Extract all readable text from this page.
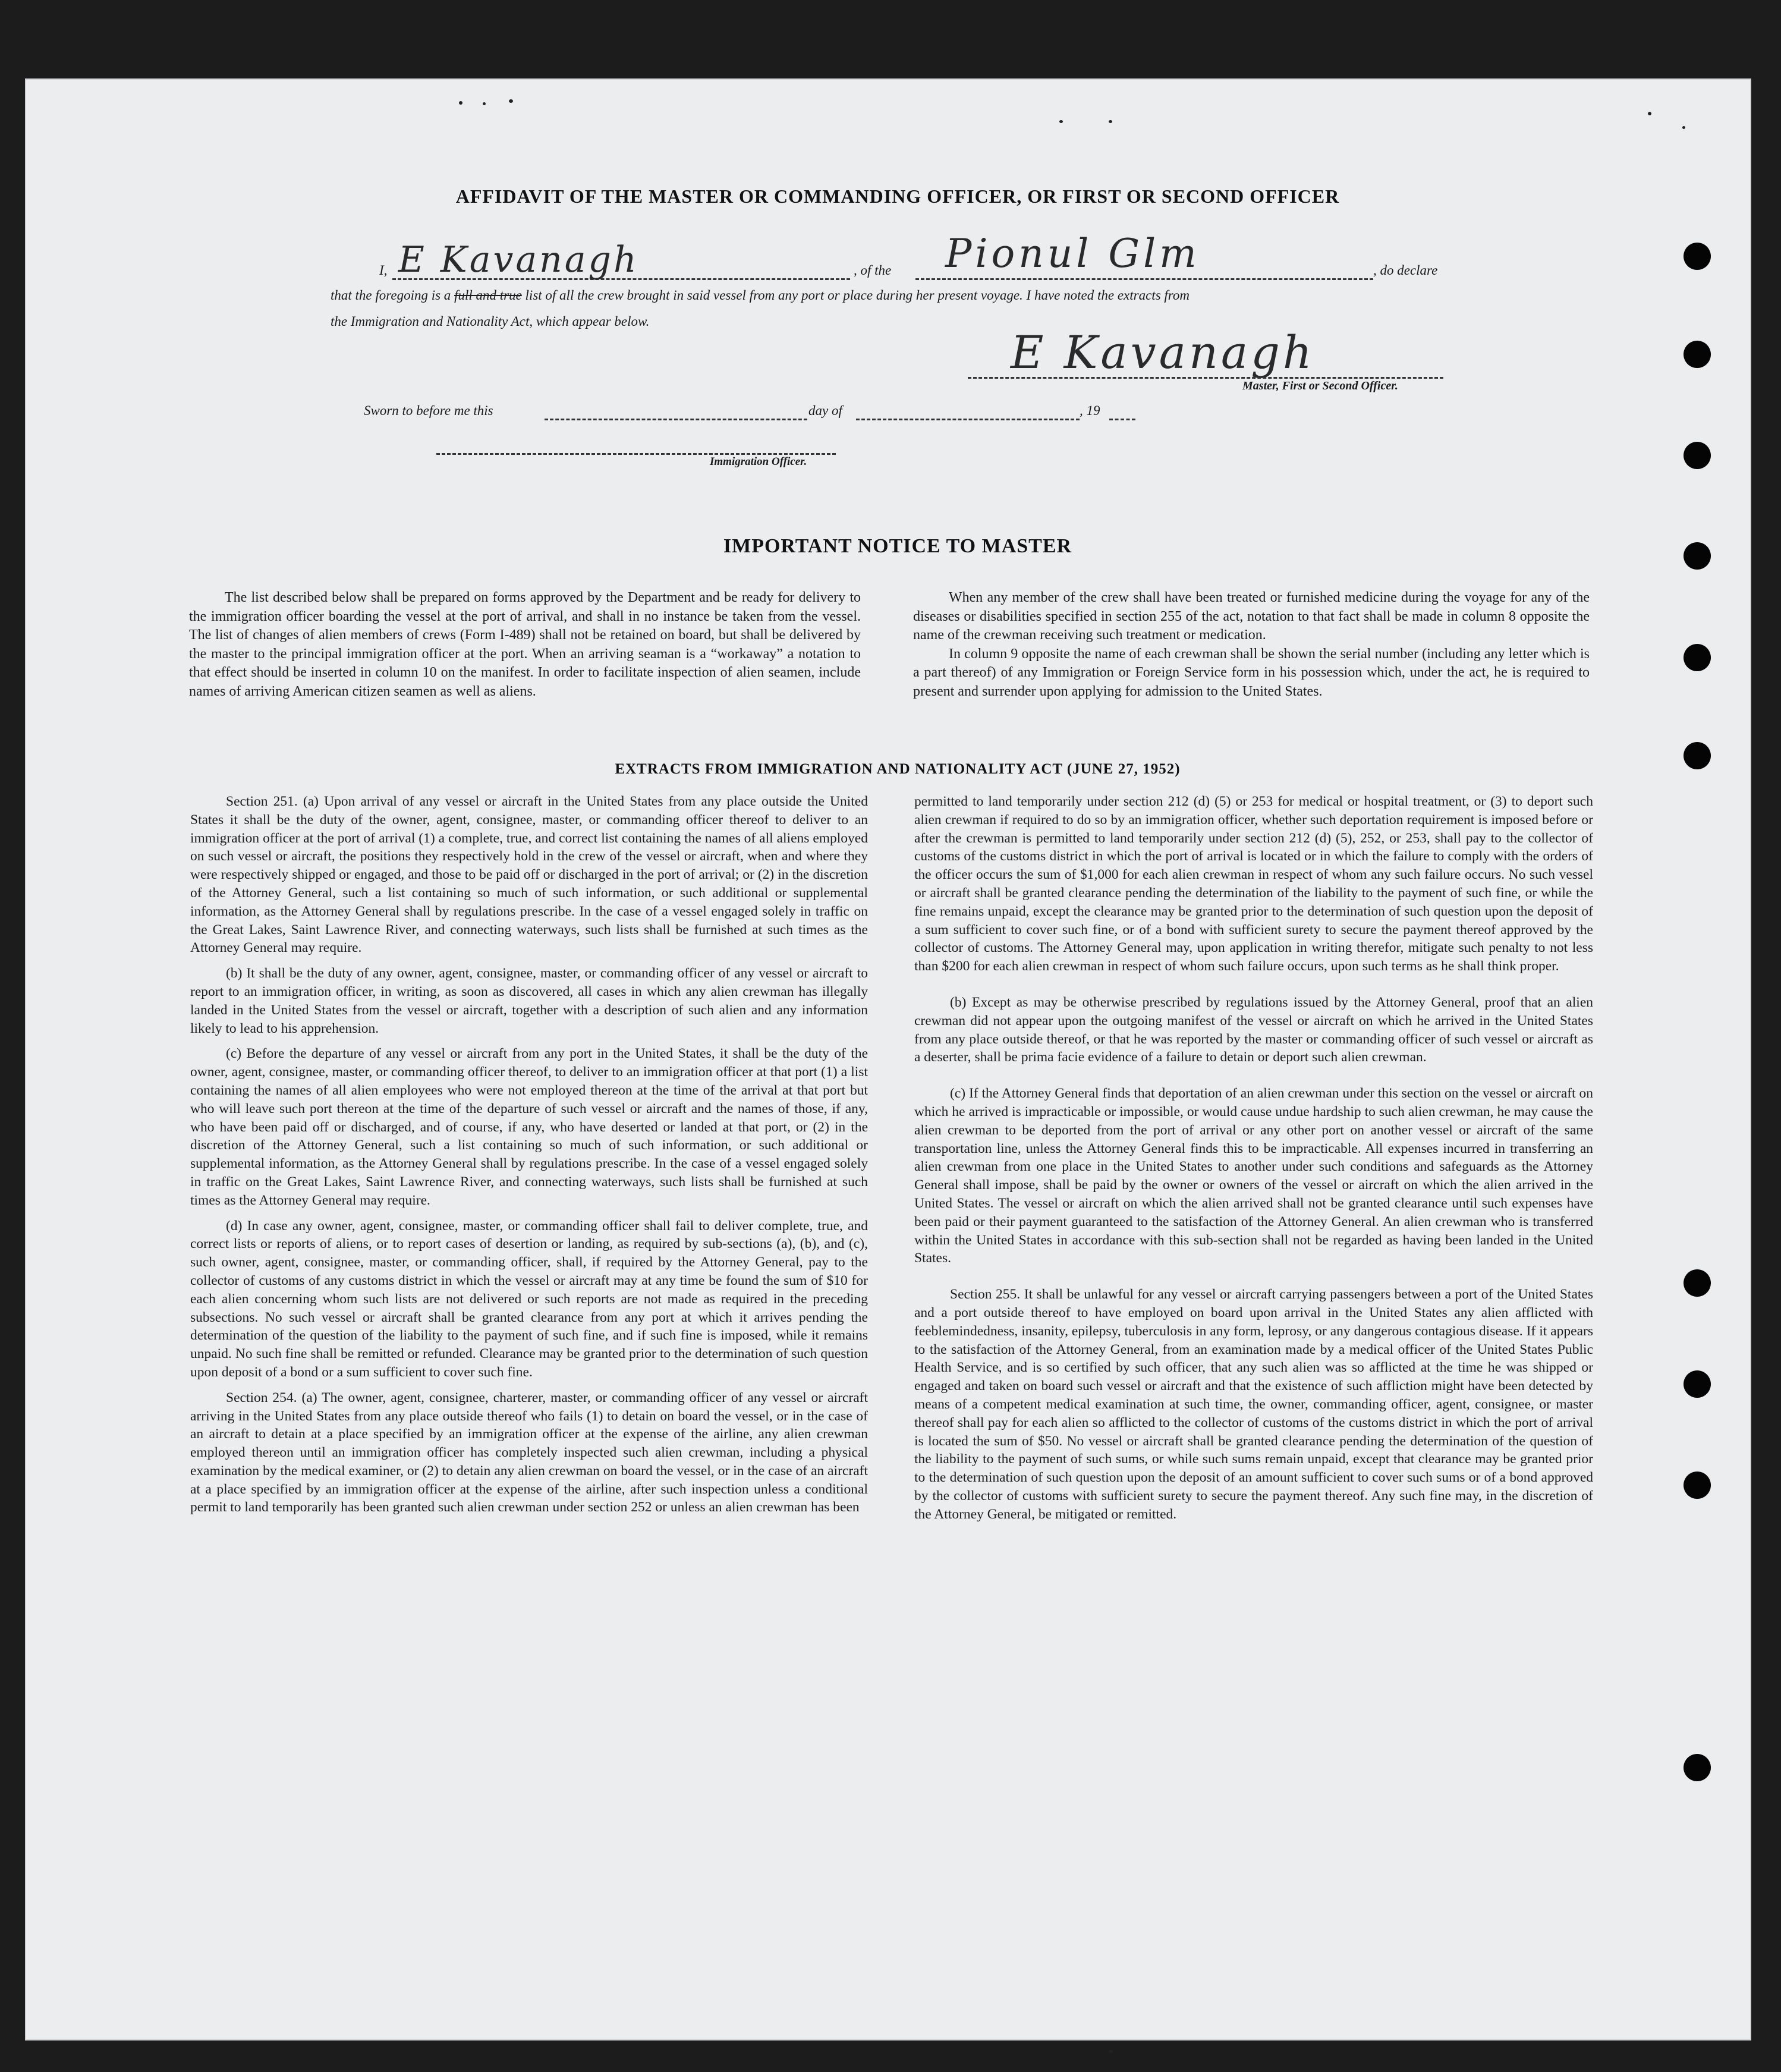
AFFIDAVIT OF THE MASTER OR COMMANDING OFFICER, OR FIRST OR SECOND OFFICER
I, E Kavanagh	, of the Pionul Glm	, do declare
that the foregoing is a full and true list of all the crew brought in said vessel from any port or place during her present voyage. I have noted the extracts from
the Immigration and Nationality Act, which appear below.
E Kavanagh
Master, First or Second Officer.
Sworn to before me this	day of	, 19
Immigration Officer.
IMPORTANT NOTICE TO MASTER

The list described below shall be prepared on forms approved by the Department and be ready for delivery to the immigration officer boarding the vessel at the port of arrival, and shall in no instance be taken from the vessel. The list of changes of alien members of crews (Form I-489) shall not be retained on board, but shall be delivered by the master to the principal immigration officer at the port. When an arriving seaman is a “workaway” a notation to that effect should be inserted in column 10 on the manifest. In order to facilitate inspection of alien seamen, include names of arriving American citizen seamen as well as aliens.

When any member of the crew shall have been treated or furnished medicine during the voyage for any of the diseases or disabilities specified in section 255 of the act, notation to that fact shall be made in column 8 opposite the name of the crewman receiving such treatment or medication.

In column 9 opposite the name of each crewman shall be shown the serial number (including any letter which is a part thereof) of any Immigration or Foreign Service form in his possession which, under the act, he is required to present and surrender upon applying for admission to the United States.

EXTRACTS FROM IMMIGRATION AND NATIONALITY ACT (JUNE 27, 1952)

Section 251. (a) Upon arrival of any vessel or aircraft in the United States from any place outside the United States it shall be the duty of the owner, agent, consignee, master, or commanding officer thereof to deliver to an immigration officer at the port of arrival (1) a complete, true, and correct list containing the names of all aliens employed on such vessel or aircraft, the positions they respectively hold in the crew of the vessel or aircraft, when and where they were respectively shipped or engaged, and those to be paid off or discharged in the port of arrival; or (2) in the discretion of the Attorney General, such a list containing so much of such information, or such additional or supplemental information, as the Attorney General shall by regulations prescribe. In the case of a vessel engaged solely in traffic on the Great Lakes, Saint Lawrence River, and connecting waterways, such lists shall be furnished at such times as the Attorney General may require.

(b) It shall be the duty of any owner, agent, consignee, master, or commanding officer of any vessel or aircraft to report to an immigration officer, in writing, as soon as discovered, all cases in which any alien crewman has illegally landed in the United States from the vessel or aircraft, together with a description of such alien and any information likely to lead to his apprehension.

(c) Before the departure of any vessel or aircraft from any port in the United States, it shall be the duty of the owner, agent, consignee, master, or commanding officer thereof, to deliver to an immigration officer at that port (1) a list containing the names of all alien employees who were not employed thereon at the time of the arrival at that port but who will leave such port thereon at the time of the departure of such vessel or aircraft and the names of those, if any, who have been paid off or discharged, and of course, if any, who have deserted or landed at that port, or (2) in the discretion of the Attorney General, such a list containing so much of such information, or such additional or supplemental information, as the Attorney General shall by regulations prescribe. In the case of a vessel engaged solely in traffic on the Great Lakes, Saint Lawrence River, and connecting waterways, such lists shall be furnished at such times as the Attorney General may require.

(d) In case any owner, agent, consignee, master, or commanding officer shall fail to deliver complete, true, and correct lists or reports of aliens, or to report cases of desertion or landing, as required by sub-sections (a), (b), and (c), such owner, agent, consignee, master, or commanding officer, shall, if required by the Attorney General, pay to the collector of customs of any customs district in which the vessel or aircraft may at any time be found the sum of $10 for each alien concerning whom such lists are not delivered or such reports are not made as required in the preceding subsections. No such vessel or aircraft shall be granted clearance from any port at which it arrives pending the determination of the question of the liability to the payment of such fine, and if such fine is imposed, while it remains unpaid. No such fine shall be remitted or refunded. Clearance may be granted prior to the determination of such question upon deposit of a bond or a sum sufficient to cover such fine.

Section 254. (a) The owner, agent, consignee, charterer, master, or commanding officer of any vessel or aircraft arriving in the United States from any place outside thereof who fails (1) to detain on board the vessel, or in the case of an aircraft to detain at a place specified by an immigration officer at the expense of the airline, any alien crewman employed thereon until an immigration officer has completely inspected such alien crewman, including a physical examination by the medical examiner, or (2) to detain any alien crewman on board the vessel, or in the case of an aircraft at a place specified by an immigration officer at the expense of the airline, after such inspection unless a conditional permit to land temporarily has been granted such alien crewman under section 252 or unless an alien crewman has been

permitted to land temporarily under section 212 (d) (5) or 253 for medical or hospital treatment, or (3) to deport such alien crewman if required to do so by an immigration officer, whether such deportation requirement is imposed before or after the crewman is permitted to land temporarily under section 212 (d) (5), 252, or 253, shall pay to the collector of customs of the customs district in which the port of arrival is located or in which the failure to comply with the orders of the officer occurs the sum of $1,000 for each alien crewman in respect of whom any such failure occurs. No such vessel or aircraft shall be granted clearance pending the determination of the liability to the payment of such fine, or while the fine remains unpaid, except the clearance may be granted prior to the determination of such question upon the deposit of a sum sufficient to cover such fine, or of a bond with sufficient surety to secure the payment thereof approved by the collector of customs. The Attorney General may, upon application in writing therefor, mitigate such penalty to not less than $200 for each alien crewman in respect of whom such failure occurs, upon such terms as he shall think proper.

(b) Except as may be otherwise prescribed by regulations issued by the Attorney General, proof that an alien crewman did not appear upon the outgoing manifest of the vessel or aircraft on which he arrived in the United States from any place outside thereof, or that he was reported by the master or commanding officer of such vessel or aircraft as a deserter, shall be prima facie evidence of a failure to detain or deport such alien crewman.

(c) If the Attorney General finds that deportation of an alien crewman under this section on the vessel or aircraft on which he arrived is impracticable or impossible, or would cause undue hardship to such alien crewman, he may cause the alien crewman to be deported from the port of arrival or any other port on another vessel or aircraft of the same transportation line, unless the Attorney General finds this to be impracticable. All expenses incurred in transferring an alien crewman from one place in the United States to another under such conditions and safeguards as the Attorney General shall impose, shall be paid by the owner or owners of the vessel or aircraft on which the alien arrived in the United States. The vessel or aircraft on which the alien arrived shall not be granted clearance until such expenses have been paid or their payment guaranteed to the satisfaction of the Attorney General. An alien crewman who is transferred within the United States in accordance with this sub-section shall not be regarded as having been landed in the United States.

Section 255. It shall be unlawful for any vessel or aircraft carrying passengers between a port of the United States and a port outside thereof to have employed on board upon arrival in the United States any alien afflicted with feeblemindedness, insanity, epilepsy, tuberculosis in any form, leprosy, or any dangerous contagious disease. If it appears to the satisfaction of the Attorney General, from an examination made by a medical officer of the United States Public Health Service, and is so certified by such officer, that any such alien was so afflicted at the time he was shipped or engaged and taken on board such vessel or aircraft and that the existence of such affliction might have been detected by means of a competent medical examination at such time, the owner, commanding officer, agent, consignee, or master thereof shall pay for each alien so afflicted to the collector of customs of the customs district in which the port of arrival is located the sum of $50. No vessel or aircraft shall be granted clearance pending the determination of the question of the liability to the payment of such sums, or while such sums remain unpaid, except that clearance may be granted prior to the determination of such question upon the deposit of an amount sufficient to cover such sums or of a bond approved by the collector of customs with sufficient surety to secure the payment thereof. Any such fine may, in the discretion of the Attorney General, be mitigated or remitted.
